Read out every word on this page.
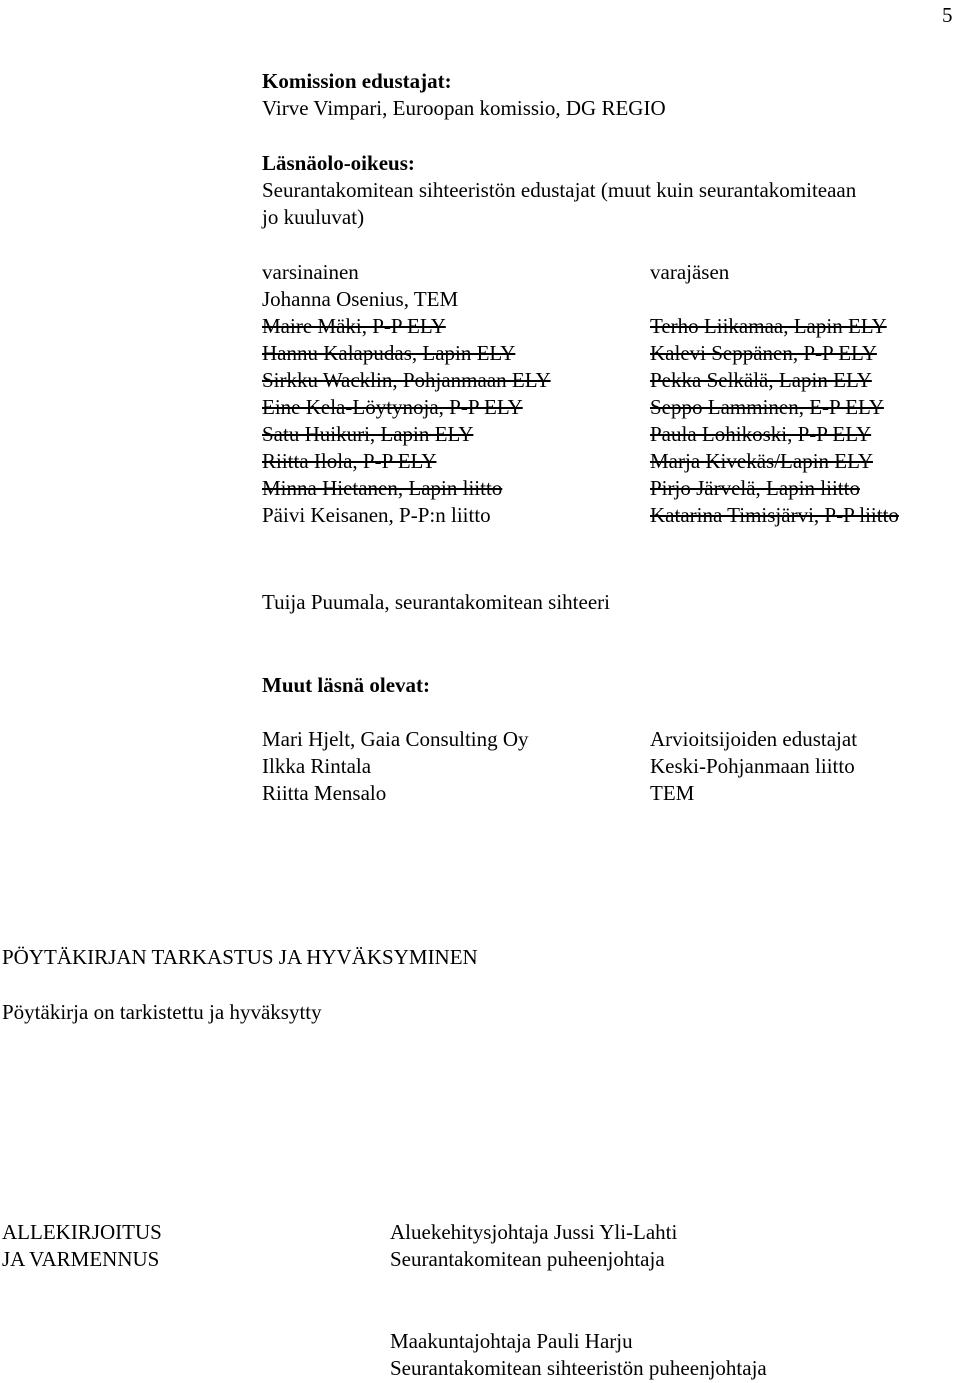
5
Komission edustajat:
Virve Vimpari, Euroopan komissio, DG REGIO
Läsnäolo-oikeus:
Seurantakomitean sihteeristön edustajat (muut kuin seurantakomiteaan
jo kuuluvat)
varsinainen
Johanna Osenius, TEM
Maire Mäki, P-P ELY
Hannu Kalapudas, Lapin ELY
Sirkku Wacklin, Pohjanmaan ELY
Eine Kela-Löytynoja, P-P ELY
Satu Huikuri, Lapin ELY
Riitta Ilola, P-P ELY
Minna Hietanen, Lapin liitto
Päivi Keisanen, P-P:n liitto
varajäsen
Terho Liikamaa, Lapin ELY
Kalevi Seppänen, P-P ELY
Pekka Selkälä, Lapin ELY
Seppo Lamminen, E-P ELY
Paula Lohikoski, P-P ELY
Marja Kivekäs/Lapin ELY
Pirjo Järvelä, Lapin liitto
Katarina Timisjärvi, P-P liitto
Tuija Puumala, seurantakomitean sihteeri
Muut läsnä olevat:
Mari Hjelt, Gaia Consulting Oy
Ilkka Rintala
Riitta Mensalo
Arvioitsijoiden edustajat
Keski-Pohjanmaan liitto
TEM
PÖYTÄKIRJAN TARKASTUS JA HYVÄKSYMINEN
Pöytäkirja on tarkistettu ja hyväksytty
ALLEKIRJOITUS
JA VARMENNUS
Aluekehitysjohtaja Jussi Yli-Lahti
Seurantakomitean puheenjohtaja
Maakuntajohtaja Pauli Harju
Seurantakomitean sihteeristön puheenjohtaja
